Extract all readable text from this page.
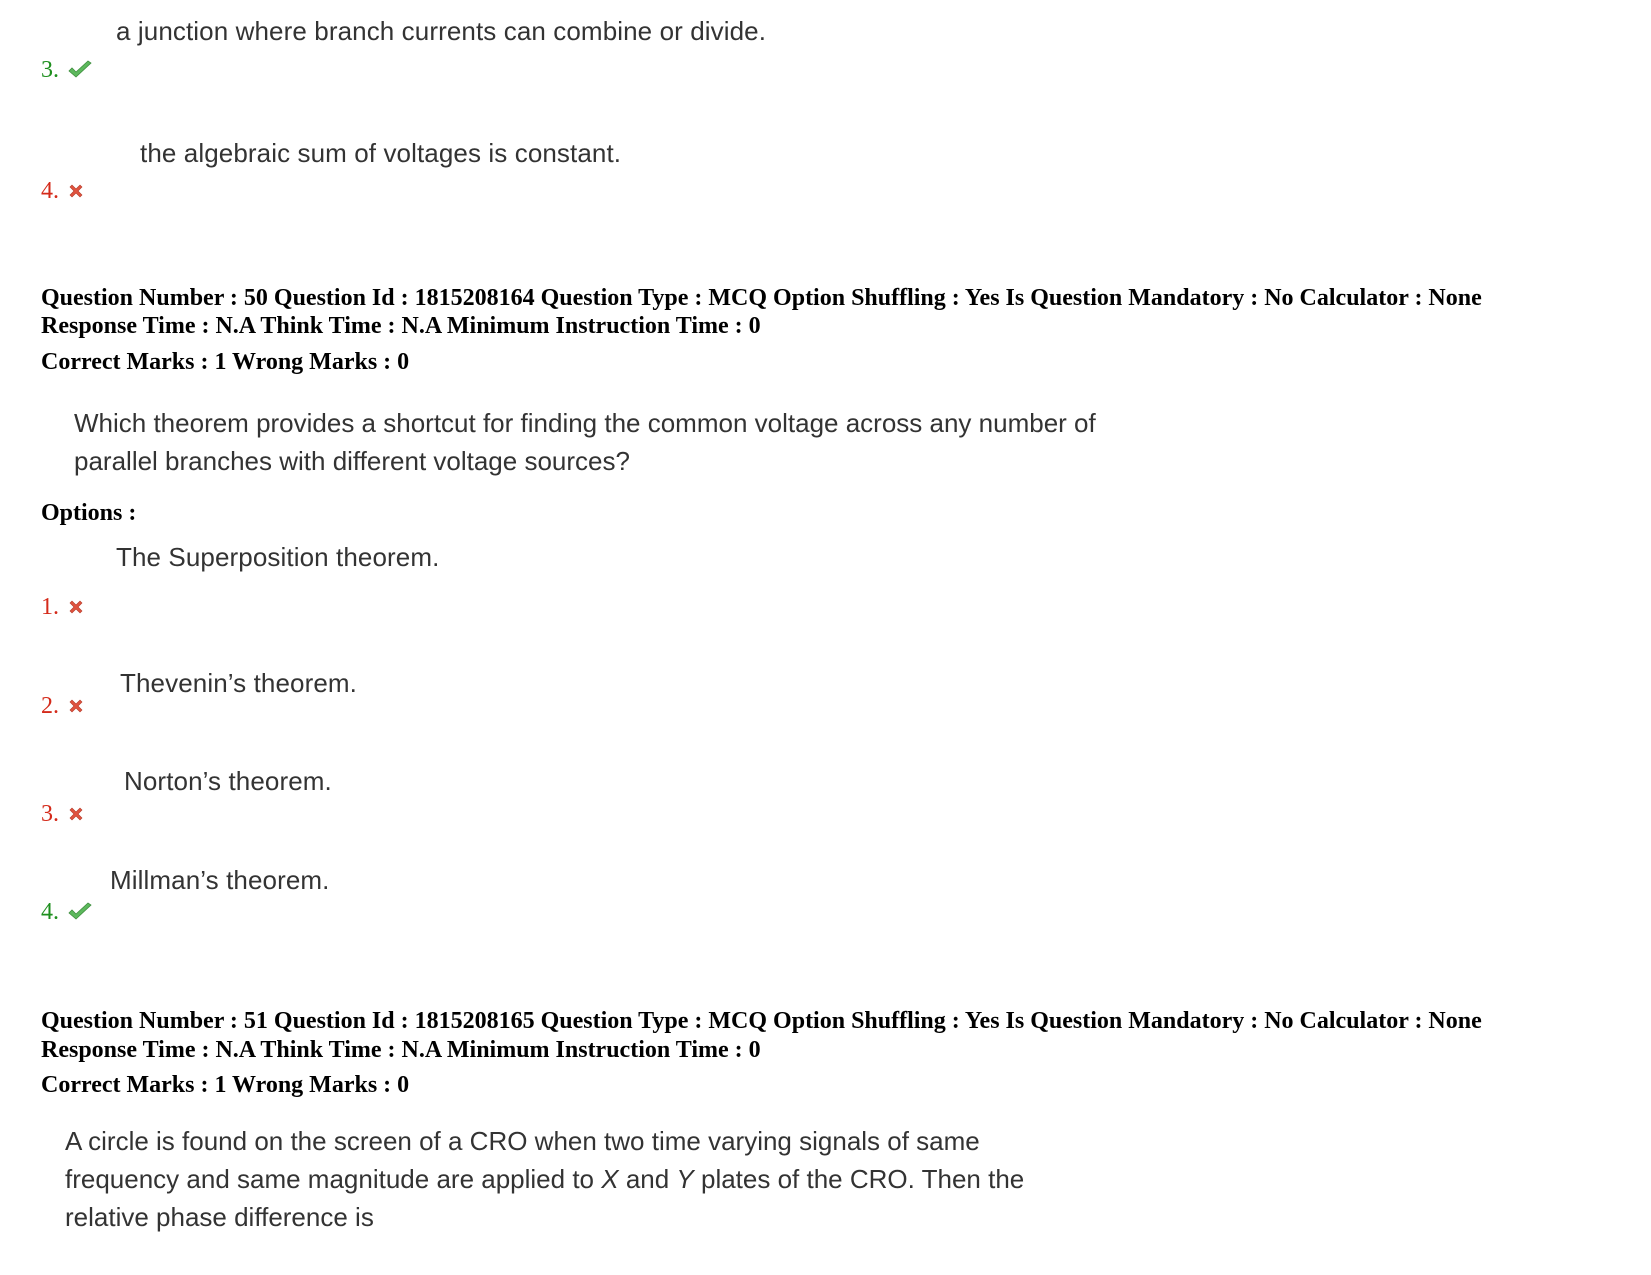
a junction where branch currents can combine or divide.
3.
the algebraic sum of voltages is constant.
4.
Question Number : 50 Question Id : 1815208164 Question Type : MCQ Option Shuffling : Yes Is Question Mandatory : No Calculator : None
Response Time : N.A Think Time : N.A Minimum Instruction Time : 0
Correct Marks : 1 Wrong Marks : 0
Which theorem provides a shortcut for finding the common voltage across any number of
parallel branches with different voltage sources?
Options :
The Superposition theorem.
1.
Thevenin’s theorem.
2.
Norton’s theorem.
3.
Millman’s theorem.
4.
Question Number : 51 Question Id : 1815208165 Question Type : MCQ Option Shuffling : Yes Is Question Mandatory : No Calculator : None
Response Time : N.A Think Time : N.A Minimum Instruction Time : 0
Correct Marks : 1 Wrong Marks : 0
A circle is found on the screen of a CRO when two time varying signals of same
frequency and same magnitude are applied to X and Y plates of the CRO. Then the
relative phase difference is
